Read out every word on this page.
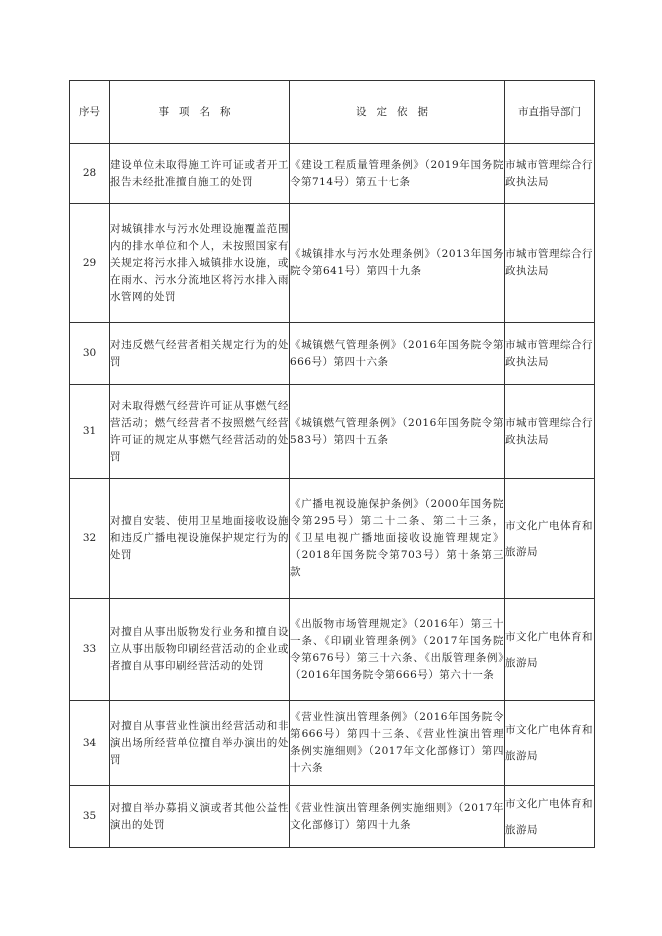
序号	事项名称	设定依据	市直指导部门
28	建设单位未取得施工许可证或者开工报告未经批准擅自施工的处罚	《建设工程质量管理条例》（2019年国务院令第714号）第五十七条	市城市管理综合行政执法局
29	对城镇排水与污水处理设施覆盖范围内的排水单位和个人，未按照国家有关规定将污水排入城镇排水设施，或在雨水、污水分流地区将污水排入雨水管网的处罚	《城镇排水与污水处理条例》（2013年国务院令第641号）第四十九条	市城市管理综合行政执法局
30	对违反燃气经营者相关规定行为的处罚	《城镇燃气管理条例》（2016年国务院令第666号）第四十六条	市城市管理综合行政执法局
31	对未取得燃气经营许可证从事燃气经营活动；燃气经营者不按照燃气经营许可证的规定从事燃气经营活动的处罚	《城镇燃气管理条例》（2016年国务院令第583号）第四十五条	市城市管理综合行政执法局
32	对擅自安装、使用卫星地面接收设施和违反广播电视设施保护规定行为的处罚	《广播电视设施保护条例》（2000年国务院令第295号）第二十二条、第二十三条，《卫星电视广播地面接收设施管理规定》（2018年国务院令第703号）第十条第三款	市文化广电体育和旅游局
33	对擅自从事出版物发行业务和擅自设立从事出版物印刷经营活动的企业或者擅自从事印刷经营活动的处罚	《出版物市场管理规定》（2016年）第三十一条、《印刷业管理条例》（2017年国务院令第676号）第三十六条、《出版管理条例》（2016年国务院令第666号）第六十一条	市文化广电体育和旅游局
34	对擅自从事营业性演出经营活动和非演出场所经营单位擅自举办演出的处罚	《营业性演出管理条例》（2016年国务院令第666号）第四十三条、《营业性演出管理条例实施细则》（2017年文化部修订）第四十六条	市文化广电体育和旅游局
35	对擅自举办募捐义演或者其他公益性演出的处罚	《营业性演出管理条例实施细则》（2017年文化部修订）第四十九条	市文化广电体育和旅游局
